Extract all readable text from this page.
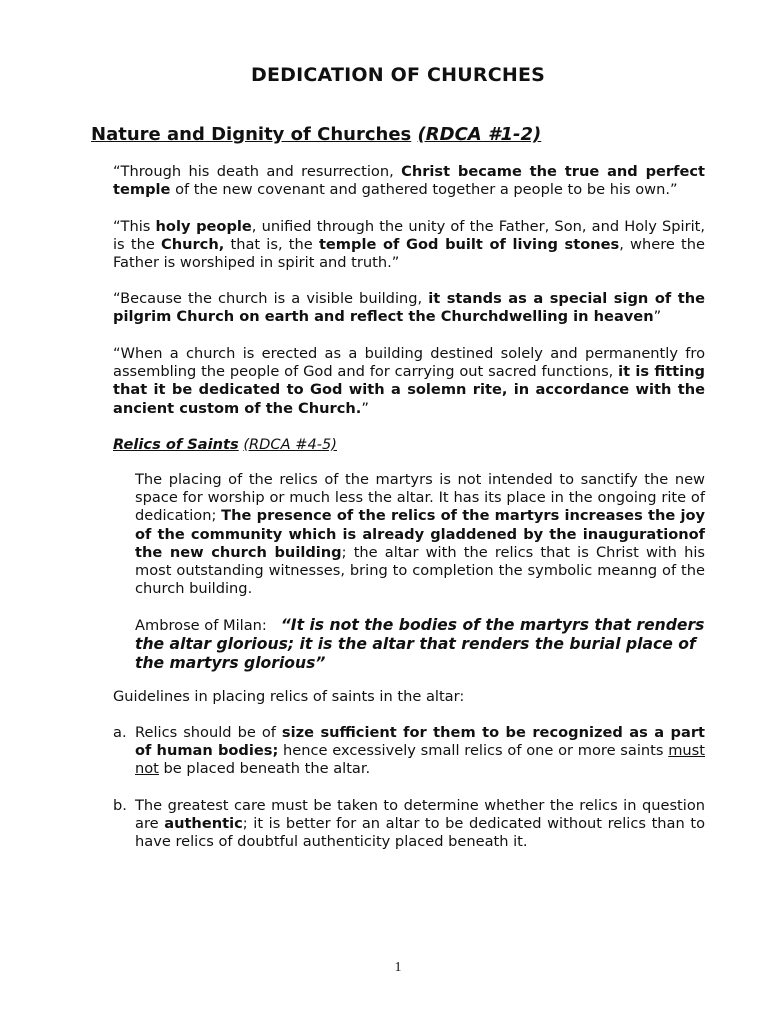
DEDICATION OF CHURCHES
Nature and Dignity of Churches (RDCA #1-2)
“Through his death and resurrection, Christ became the true and perfect temple of the new covenant and gathered together a people to be his own.”
“This holy people, unified through the unity of the Father, Son, and Holy Spirit, is the Church, that is, the temple of God built of living stones, where the Father is worshiped in spirit and truth.”
“Because the church is a visible building, it stands as a special sign of the pilgrim Church on earth and reflect the Churchdwelling in heaven”
“When a church is erected as a building destined solely and permanently fro assembling the people of God and for carrying out sacred functions, it is fitting that it be dedicated to God with a solemn rite, in accordance with the ancient custom of the Church.”
Relics of Saints (RDCA #4-5)
The placing of the relics of the martyrs is not intended to sanctify the new space for worship or much less the altar. It has its place in the ongoing rite of dedication; The presence of the relics of the martyrs increases the joy of the community which is already gladdened by the inaugurationof the new church building; the altar with the relics that is Christ with his most outstanding witnesses, bring to completion the symbolic meanng of the church building.
Ambrose of Milan: “It is not the bodies of the martyrs that renders the altar glorious; it is the altar that renders the burial place of the martyrs glorious”
Guidelines in placing relics of saints in the altar:
a. Relics should be of size sufficient for them to be recognized as a part of human bodies; hence excessively small relics of one or more saints must not be placed beneath the altar.
b. The greatest care must be taken to determine whether the relics in question are authentic; it is better for an altar to be dedicated without relics than to have relics of doubtful authenticity placed beneath it.
1
